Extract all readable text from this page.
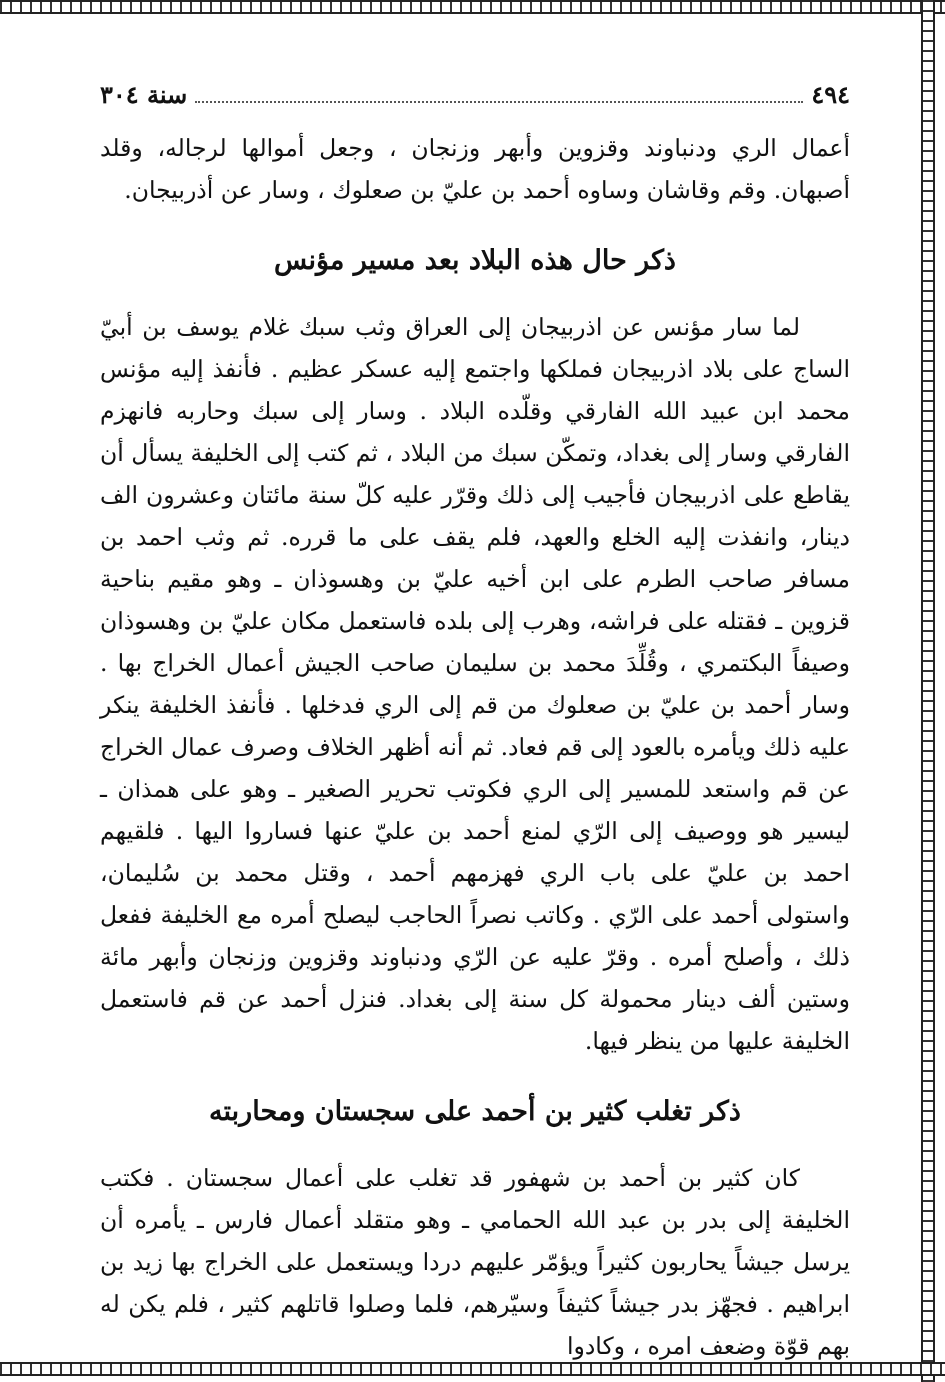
٤٩٤
سنة ٣٠٤

أعمال الري ودنباوند وقزوين وأبهر وزنجان ، وجعل أموالها لرجاله، وقلد أصبهان. وقم وقاشان وساوه أحمد بن عليّ بن صعلوك ، وسار عن أذربيجان.

ذكر حال هذه البلاد بعد مسير مؤنس

لما سار مؤنس عن اذربيجان إلى العراق وثب سبك غلام يوسف بن أبيّ الساج على بلاد اذربيجان فملكها واجتمع إليه عسكر عظيم . فأنفذ إليه مؤنس محمد ابن عبيد الله الفارقي وقلّده البلاد . وسار إلى سبك وحاربه فانهزم الفارقي وسار إلى بغداد، وتمكّن سبك من البلاد ، ثم كتب إلى الخليفة يسأل أن يقاطع على اذربيجان فأجيب إلى ذلك وقرّر عليه كلّ سنة مائتان وعشرون الف دينار، وانفذت إليه الخلع والعهد، فلم يقف على ما قرره. ثم وثب احمد بن مسافر صاحب الطرم على ابن أخيه عليّ بن وهسوذان ـ وهو مقيم بناحية قزوين ـ فقتله على فراشه، وهرب إلى بلده فاستعمل مكان عليّ بن وهسوذان وصيفاً البكتمري ، وقُلِّدَ محمد بن سليمان صاحب الجيش أعمال الخراج بها . وسار أحمد بن عليّ بن صعلوك من قم إلى الري فدخلها . فأنفذ الخليفة ينكر عليه ذلك ويأمره بالعود إلى قم فعاد. ثم أنه أظهر الخلاف وصرف عمال الخراج عن قم واستعد للمسير إلى الري فكوتب تحرير الصغير ـ وهو على همذان ـ ليسير هو ووصيف إلى الرّي لمنع أحمد بن عليّ عنها فساروا اليها . فلقيهم احمد بن عليّ على باب الري فهزمهم أحمد ، وقتل محمد بن سُليمان، واستولى أحمد على الرّي . وكاتب نصراً الحاجب ليصلح أمره مع الخليفة ففعل ذلك ، وأصلح أمره . وقرّ عليه عن الرّي ودنباوند وقزوين وزنجان وأبهر مائة وستين ألف دينار محمولة كل سنة إلى بغداد. فنزل أحمد عن قم فاستعمل الخليفة عليها من ينظر فيها.

ذكر تغلب كثير بن أحمد على سجستان ومحاربته

كان كثير بن أحمد بن شهفور قد تغلب على أعمال سجستان . فكتب الخليفة إلى بدر بن عبد الله الحمامي ـ وهو متقلد أعمال فارس ـ يأمره أن يرسل جيشاً يحاربون كثيراً ويؤمّر عليهم دردا ويستعمل على الخراج بها زيد بن ابراهيم . فجهّز بدر جيشاً كثيفاً وسيّرهم، فلما وصلوا قاتلهم كثير ، فلم يكن له بهم قوّة وضعف امره ، وكادوا
